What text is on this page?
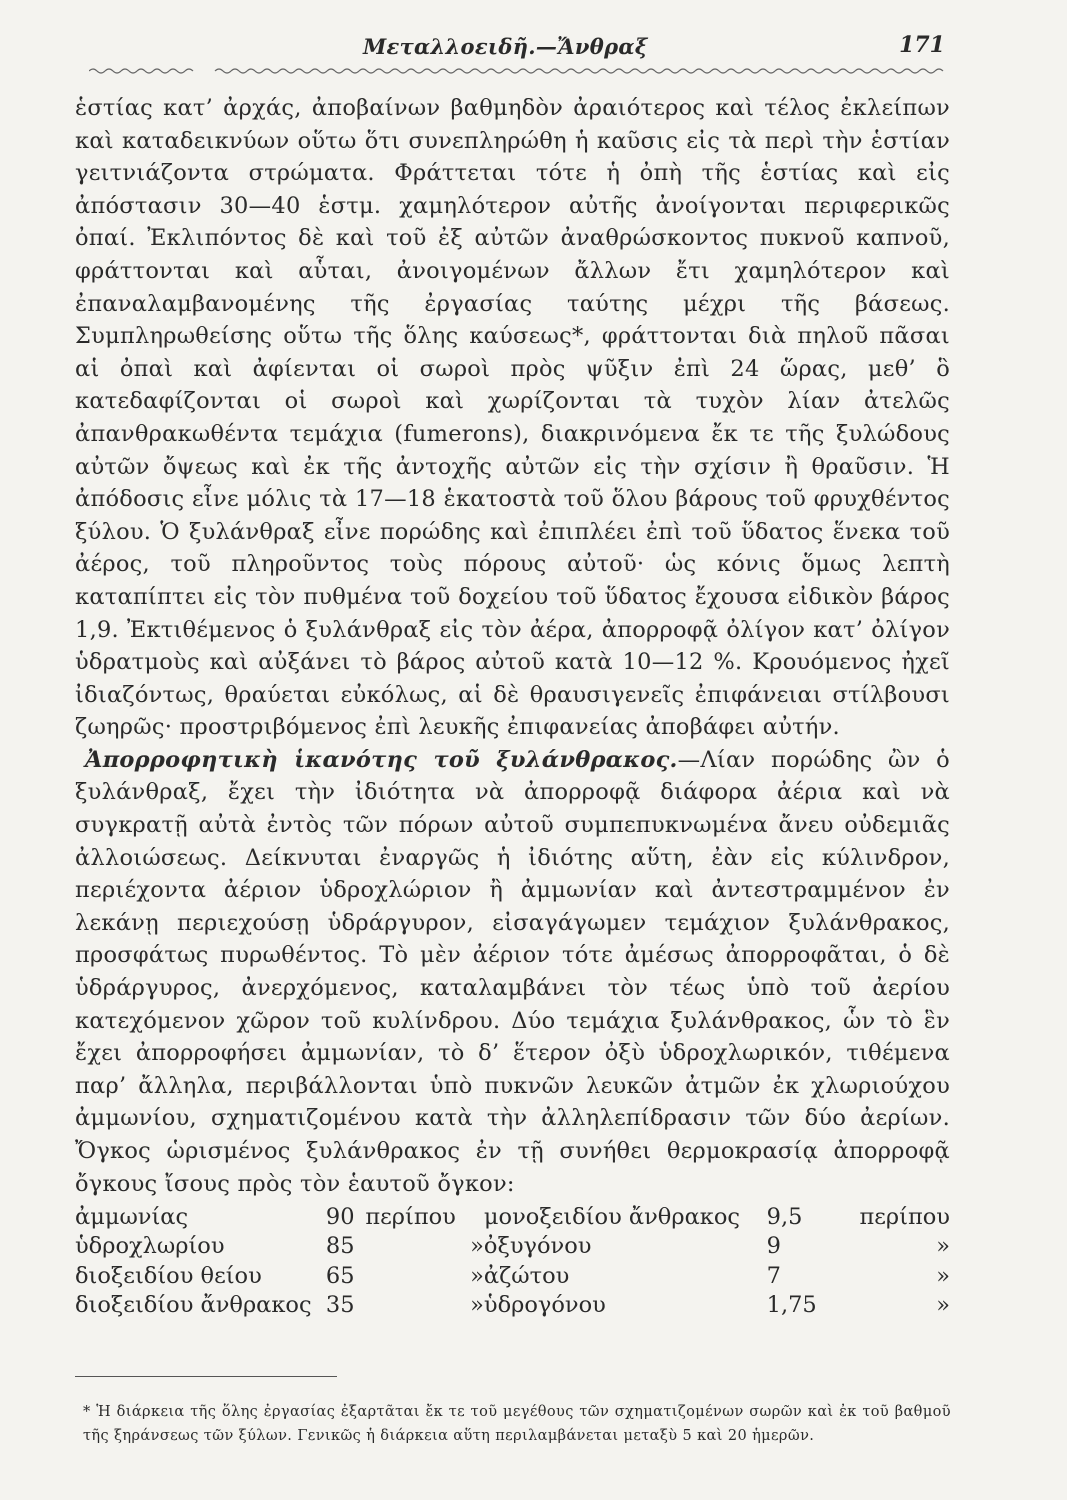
Μεταλλοειδῆ.—Ἄνθραξ	171

ἑστίας κατ’ ἀρχάς, ἀποβαίνων βαθμηδὸν ἀραιότερος καὶ τέλος ἐκλείπων καὶ καταδεικνύων οὕτω ὅτι συνεπληρώθη ἡ καῦσις εἰς τὰ περὶ τὴν ἑστίαν γειτνιάζοντα στρώματα. Φράττεται τότε ἡ ὀπὴ τῆς ἑστίας καὶ εἰς ἀπόστασιν 30—40 ἑστμ. χαμηλότερον αὐτῆς ἀνοίγονται περιφερικῶς ὀπαί. Ἐκλιπόντος δὲ καὶ τοῦ ἐξ αὐτῶν ἀναθρώσκοντος πυκνοῦ καπνοῦ, φράττονται καὶ αὗται, ἀνοιγομένων ἄλλων ἔτι χαμηλότερον καὶ ἐπαναλαμβανομένης τῆς ἐργασίας ταύτης μέχρι τῆς βάσεως. Συμπληρωθείσης οὕτω τῆς ὅλης καύσεως*, φράττονται διὰ πηλοῦ πᾶσαι αἱ ὀπαὶ καὶ ἀφίενται οἱ σωροὶ πρὸς ψῦξιν ἐπὶ 24 ὥρας, μεθ’ ὃ κατεδαφίζονται οἱ σωροὶ καὶ χωρίζονται τὰ τυχὸν λίαν ἀτελῶς ἀπανθρακωθέντα τεμάχια (fumerons), διακρινόμενα ἔκ τε τῆς ξυλώδους αὐτῶν ὄψεως καὶ ἐκ τῆς ἀντοχῆς αὐτῶν εἰς τὴν σχίσιν ἢ θραῦσιν. Ἡ ἀπόδοσις εἶνε μόλις τὰ 17—18 ἑκατοστὰ τοῦ ὅλου βάρους τοῦ φρυχθέντος ξύλου. Ὁ ξυλάνθραξ εἶνε πορώδης καὶ ἐπιπλέει ἐπὶ τοῦ ὕδατος ἕνεκα τοῦ ἀέρος, τοῦ πληροῦντος τοὺς πόρους αὐτοῦ· ὡς κόνις ὅμως λεπτὴ καταπίπτει εἰς τὸν πυθμένα τοῦ δοχείου τοῦ ὕδατος ἔχουσα εἰδικὸν βάρος 1,9. Ἐκτιθέμενος ὁ ξυλάνθραξ εἰς τὸν ἀέρα, ἀπορροφᾷ ὀλίγον κατ’ ὀλίγον ὑδρατμοὺς καὶ αὐξάνει τὸ βάρος αὐτοῦ κατὰ 10—12 %. Κρουόμενος ἠχεῖ ἰδιαζόντως, θραύεται εὐκόλως, αἱ δὲ θραυσιγενεῖς ἐπιφάνειαι στίλβουσι ζωηρῶς· προστριβόμενος ἐπὶ λευκῆς ἐπιφανείας ἀποβάφει αὐτήν.

Ἀπορροφητικὴ ἱκανότης τοῦ ξυλάνθρακος.—Λίαν πορώδης ὢν ὁ ξυλάνθραξ, ἔχει τὴν ἰδιότητα νὰ ἀπορροφᾷ διάφορα ἀέρια καὶ νὰ συγκρατῇ αὐτὰ ἐντὸς τῶν πόρων αὐτοῦ συμπεπυκνωμένα ἄνευ οὐδεμιᾶς ἀλλοιώσεως. Δείκνυται ἐναργῶς ἡ ἰδιότης αὕτη, ἐὰν εἰς κύλινδρον, περιέχοντα ἀέριον ὑδροχλώριον ἢ ἀμμωνίαν καὶ ἀντεστραμμένον ἐν λεκάνῃ περιεχούσῃ ὑδράργυρον, εἰσαγάγωμεν τεμάχιον ξυλάνθρακος, προσφάτως πυρωθέντος. Τὸ μὲν ἀέριον τότε ἀμέσως ἀπορροφᾶται, ὁ δὲ ὑδράργυρος, ἀνερχόμενος, καταλαμβάνει τὸν τέως ὑπὸ τοῦ ἀερίου κατεχόμενον χῶρον τοῦ κυλίνδρου. Δύο τεμάχια ξυλάνθρακος, ὧν τὸ ἓν ἔχει ἀπορροφήσει ἀμμωνίαν, τὸ δ’ ἕτερον ὀξὺ ὑδροχλωρικόν, τιθέμενα παρ’ ἄλληλα, περιβάλλονται ὑπὸ πυκνῶν λευκῶν ἀτμῶν ἐκ χλωριούχου ἀμμωνίου, σχηματιζομένου κατὰ τὴν ἀλληλεπίδρασιν τῶν δύο ἀερίων. Ὄγκος ὡρισμένος ξυλάνθρακος ἐν τῇ συνήθει θερμοκρασίᾳ ἀπορροφᾷ ὄγκους ἴσους πρὸς τὸν ἑαυτοῦ ὄγκον:

ἀμμωνίας	90	περίπου	μονοξειδίου ἄνθρακος	9,5	περίπου
ὑδροχλωρίου	85	»	ὀξυγόνου	9	»
διοξειδίου θείου	65	»	ἀζώτου	7	»
διοξειδίου ἄνθρακος	35	»	ὑδρογόνου	1,75	»

* Ἡ διάρκεια τῆς ὅλης ἐργασίας ἐξαρτᾶται ἔκ τε τοῦ μεγέθους τῶν σχηματιζομένων σωρῶν καὶ ἐκ τοῦ βαθμοῦ τῆς ξηράνσεως τῶν ξύλων. Γενικῶς ἡ διάρκεια αὕτη περιλαμβάνεται μεταξὺ 5 καὶ 20 ἡμερῶν.
